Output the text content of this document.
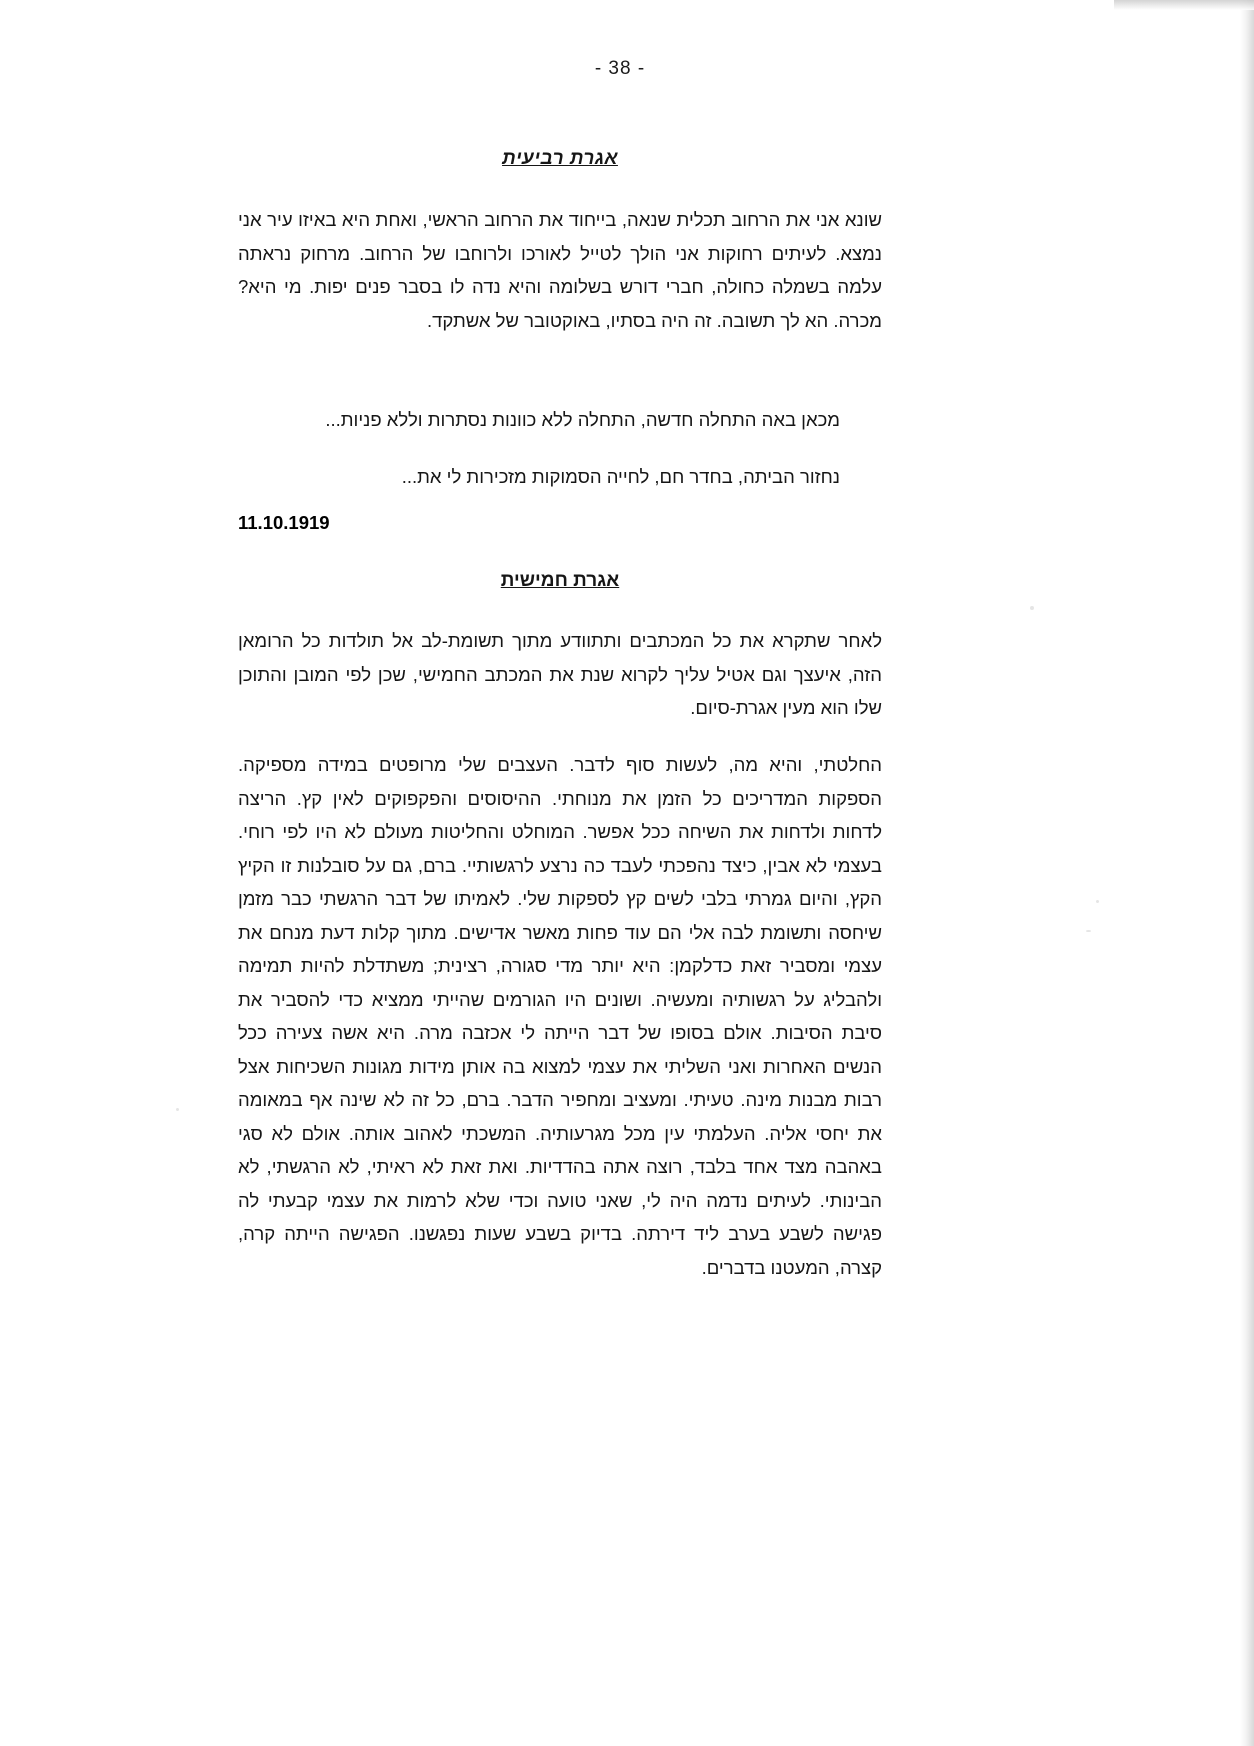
- 38 -
אגרת רביעית

שונא אני את הרחוב תכלית שנאה, בייחוד את הרחוב הראשי, ואחת היא באיזו עיר אני נמצא. לעיתים רחוקות אני הולך לטייל לאורכו ולרוחבו של הרחוב. מרחוק נראתה עלמה בשמלה כחולה, חברי דורש בשלומה והיא נדה לו בסבר פנים יפות. מי היא? מכרה. הא לך תשובה. זה היה בסתיו, באוקטובר של אשתקד.

מכאן באה התחלה חדשה, התחלה ללא כוונות נסתרות וללא פניות...

נחזור הביתה, בחדר חם, לחייה הסמוקות מזכירות לי את...

11.10.1919
אגרת חמישית

לאחר שתקרא את כל המכתבים ותתוודע מתוך תשומת-לב אל תולדות כל הרומאן הזה, איעצך וגם אטיל עליך לקרוא שנת את המכתב החמישי, שכן לפי המובן והתוכן שלו הוא מעין אגרת-סיום.

החלטתי, והיא מה, לעשות סוף לדבר. העצבים שלי מרופטים במידה מספיקה. הספקות המדריכים כל הזמן את מנוחתי. ההיסוסים והפקפוקים לאין קץ. הריצה לדחות ולדחות את השיחה ככל אפשר. המוחלט והחליטות מעולם לא היו לפי רוחי. בעצמי לא אבין, כיצד נהפכתי לעבד כה נרצע לרגשותיי. ברם, גם על סובלנות זו הקיץ הקץ, והיום גמרתי בלבי לשים קץ לספקות שלי. לאמיתו של דבר הרגשתי כבר מזמן שיחסה ותשומת לבה אלי הם עוד פחות מאשר אדישים. מתוך קלות דעת מנחם את עצמי ומסביר זאת כדלקמן: היא יותר מדי סגורה, רצינית; משתדלת להיות תמימה ולהבליג על רגשותיה ומעשיה. ושונים היו הגורמים שהייתי ממציא כדי להסביר את סיבת הסיבות. אולם בסופו של דבר הייתה לי אכזבה מרה. היא אשה צעירה ככל הנשים האחרות ואני השליתי את עצמי למצוא בה אותן מידות מגונות השכיחות אצל רבות מבנות מינה. טעיתי. ומעציב ומחפיר הדבר. ברם, כל זה לא שינה אף במאומה את יחסי אליה. העלמתי עין מכל מגרעותיה. המשכתי לאהוב אותה. אולם לא סגי באהבה מצד אחד בלבד, רוצה אתה בהדדיות. ואת זאת לא ראיתי, לא הרגשתי, לא הבינותי. לעיתים נדמה היה לי, שאני טועה וכדי שלא לרמות את עצמי קבעתי לה פגישה לשבע בערב ליד דירתה. בדיוק בשבע שעות נפגשנו. הפגישה הייתה קרה, קצרה, המעטנו בדברים.
